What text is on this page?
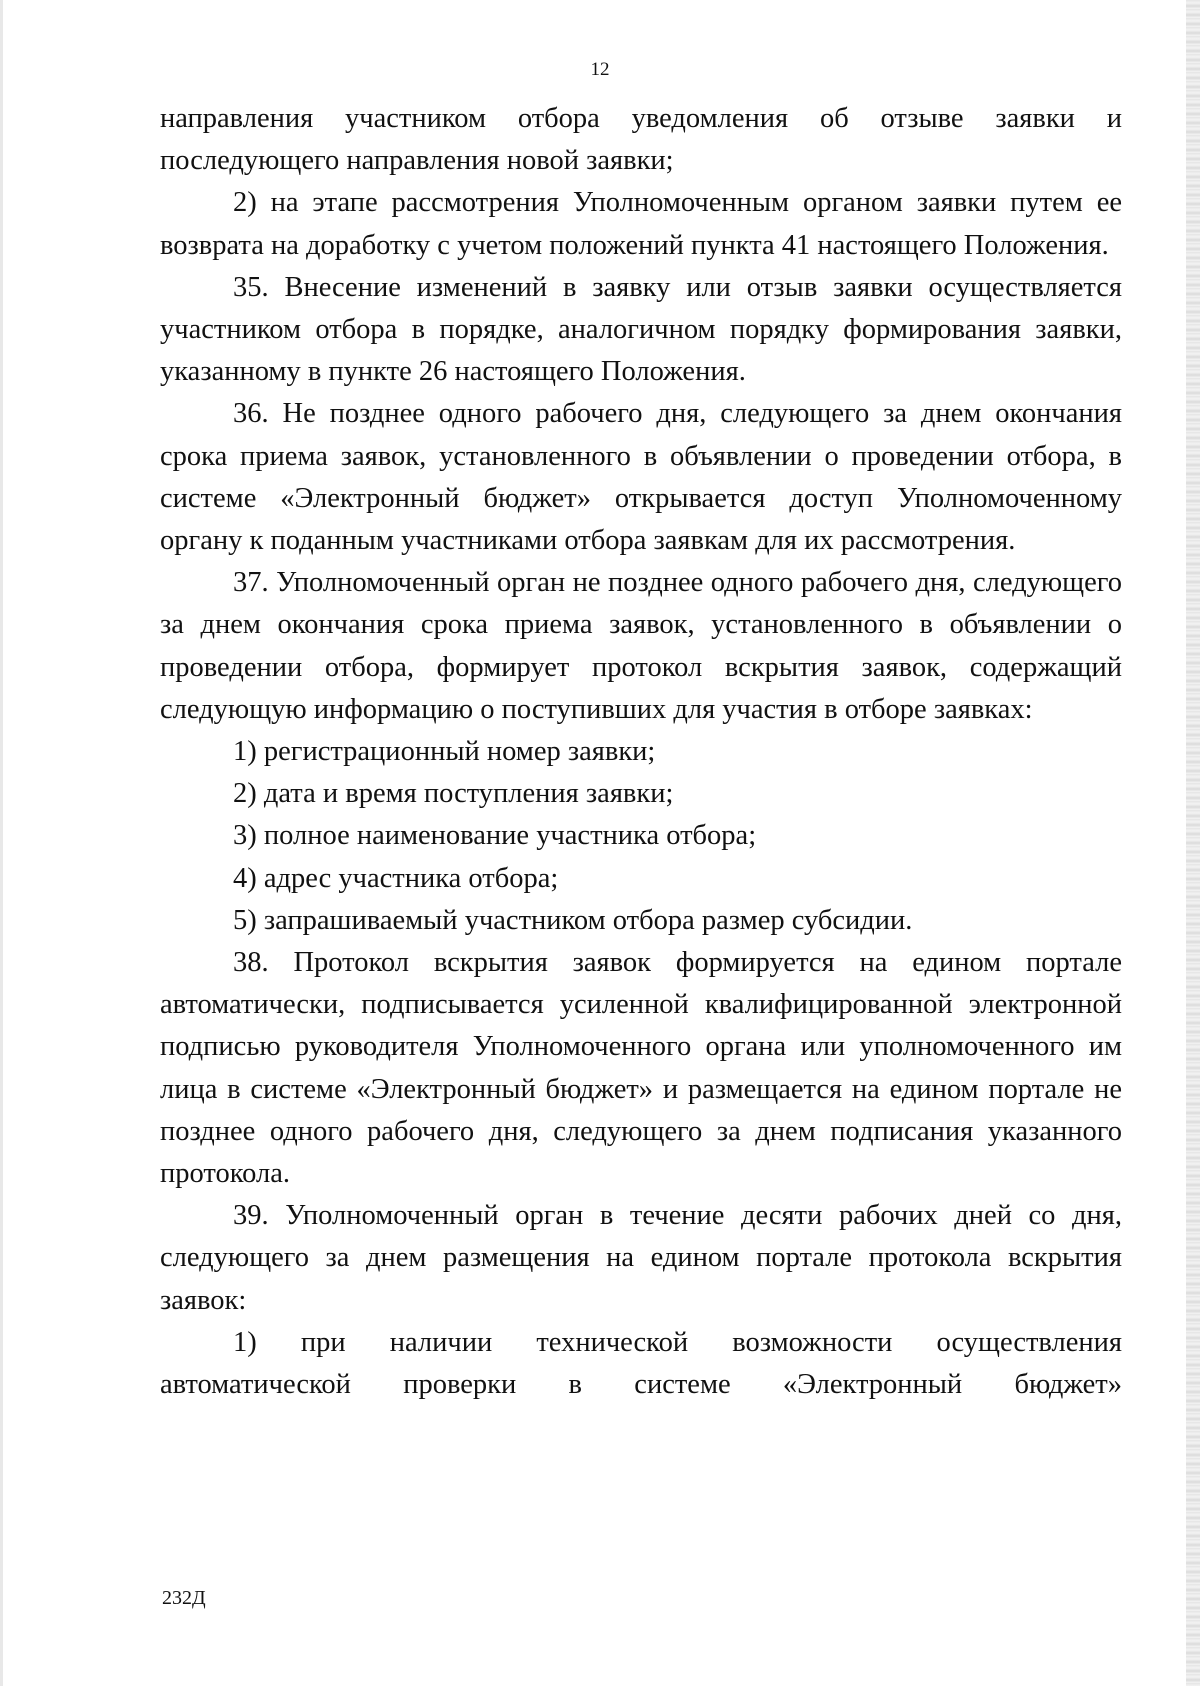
12

направления участником отбора уведомления об отзыве заявки и последующего направления новой заявки;

2) на этапе рассмотрения Уполномоченным органом заявки путем ее возврата на доработку с учетом положений пункта 41 настоящего Положения.

35. Внесение изменений в заявку или отзыв заявки осуществляется участником отбора в порядке, аналогичном порядку формирования заявки, указанному в пункте 26 настоящего Положения.

36. Не позднее одного рабочего дня, следующего за днем окончания срока приема заявок, установленного в объявлении о проведении отбора, в системе «Электронный бюджет» открывается доступ Уполномоченному органу к поданным участниками отбора заявкам для их рассмотрения.

37. Уполномоченный орган не позднее одного рабочего дня, следующего за днем окончания срока приема заявок, установленного в объявлении о проведении отбора, формирует протокол вскрытия заявок, содержащий следующую информацию о поступивших для участия в отборе заявках:

1) регистрационный номер заявки;

2) дата и время поступления заявки;

3) полное наименование участника отбора;

4) адрес участника отбора;

5) запрашиваемый участником отбора размер субсидии.

38. Протокол вскрытия заявок формируется на едином портале автоматически, подписывается усиленной квалифицированной электронной подписью руководителя Уполномоченного органа или уполномоченного им лица в системе «Электронный бюджет» и размещается на едином портале не позднее одного рабочего дня, следующего за днем подписания указанного протокола.

39. Уполномоченный орган в течение десяти рабочих дней со дня, следующего за днем размещения на едином портале протокола вскрытия заявок:

1) при наличии технической возможности осуществления автоматической проверки в системе «Электронный бюджет»

232Д
